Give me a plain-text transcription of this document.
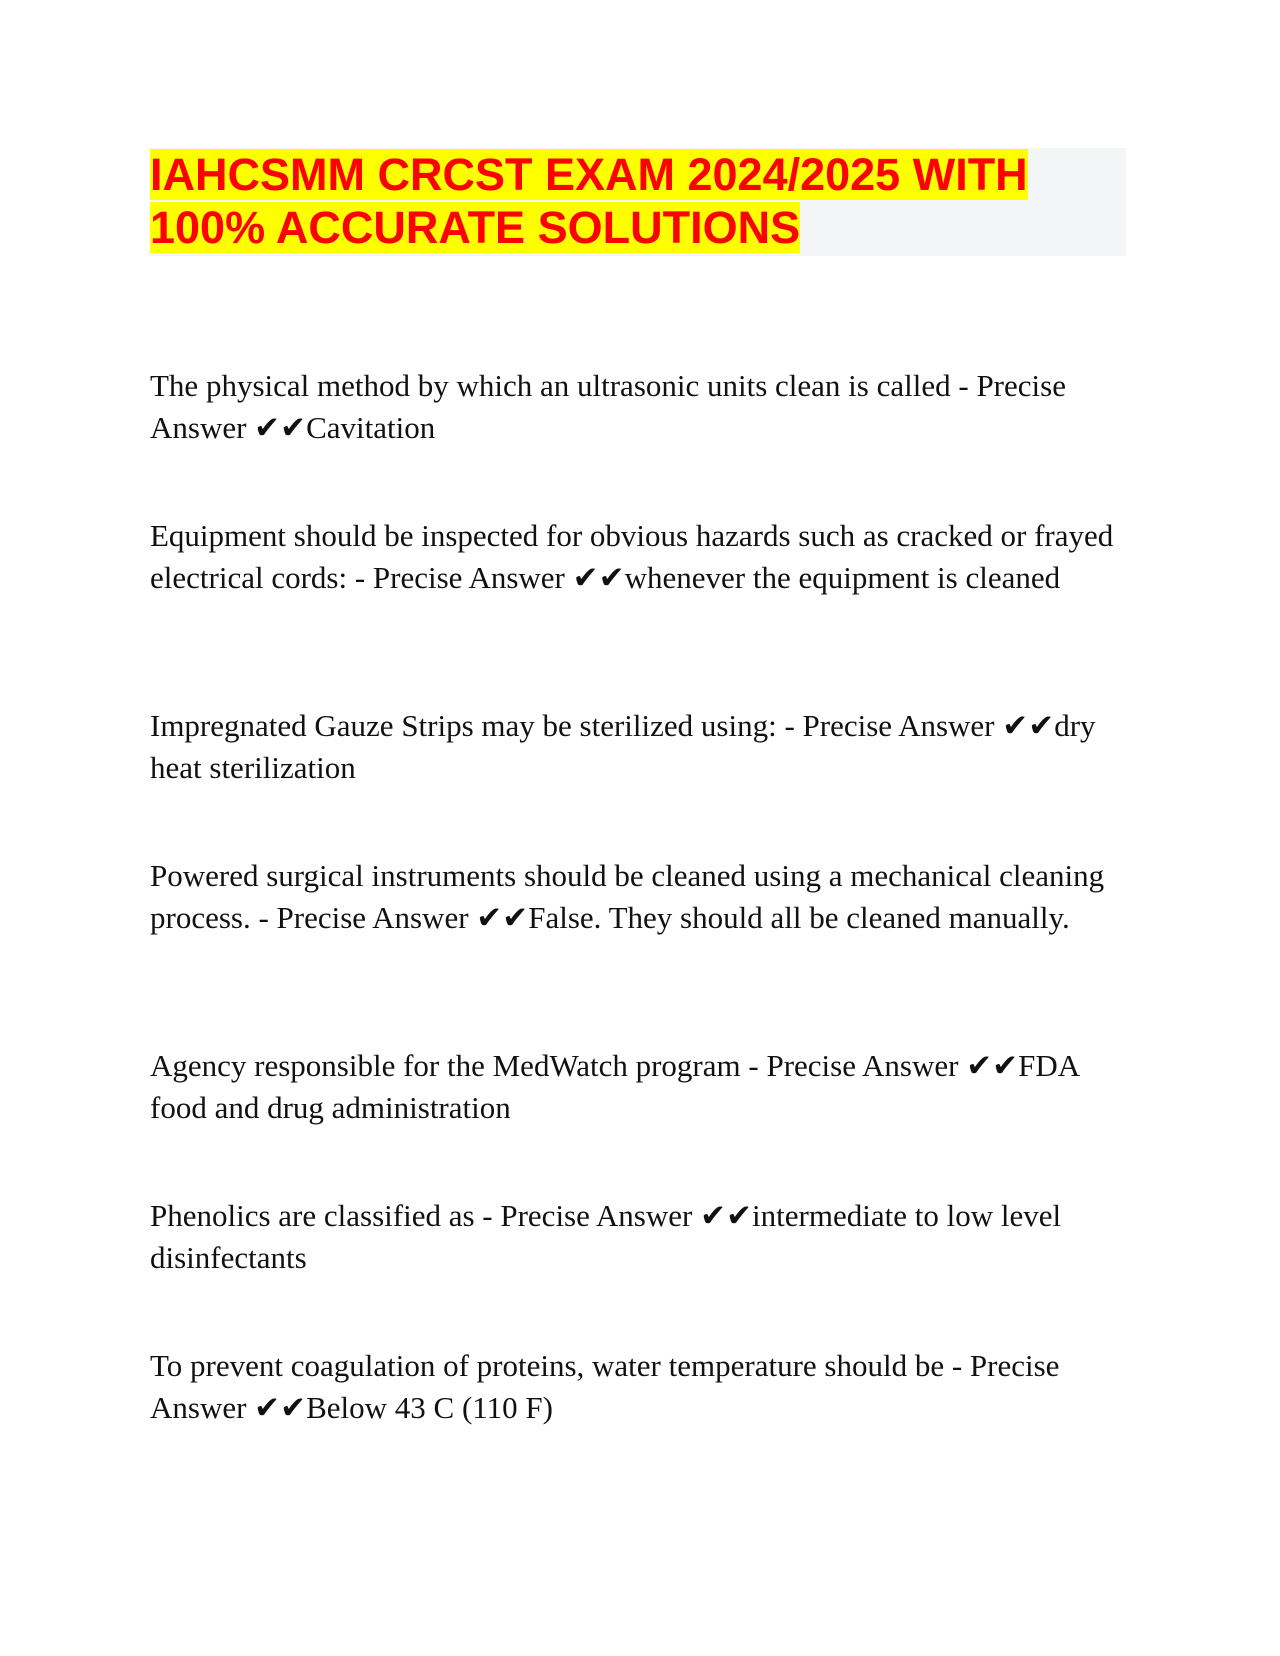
IAHCSMM CRCST EXAM 2024/2025 WITH
100% ACCURATE SOLUTIONS

The physical method by which an ultrasonic units clean is called - Precise Answer ✔✔Cavitation

Equipment should be inspected for obvious hazards such as cracked or frayed electrical cords: - Precise Answer ✔✔whenever the equipment is cleaned

Impregnated Gauze Strips may be sterilized using: - Precise Answer ✔✔dry heat sterilization

Powered surgical instruments should be cleaned using a mechanical cleaning process. - Precise Answer ✔✔False. They should all be cleaned manually.

Agency responsible for the MedWatch program - Precise Answer ✔✔FDA food and drug administration

Phenolics are classified as - Precise Answer ✔✔intermediate to low level disinfectants

To prevent coagulation of proteins, water temperature should be - Precise Answer ✔✔Below 43 C (110 F)
